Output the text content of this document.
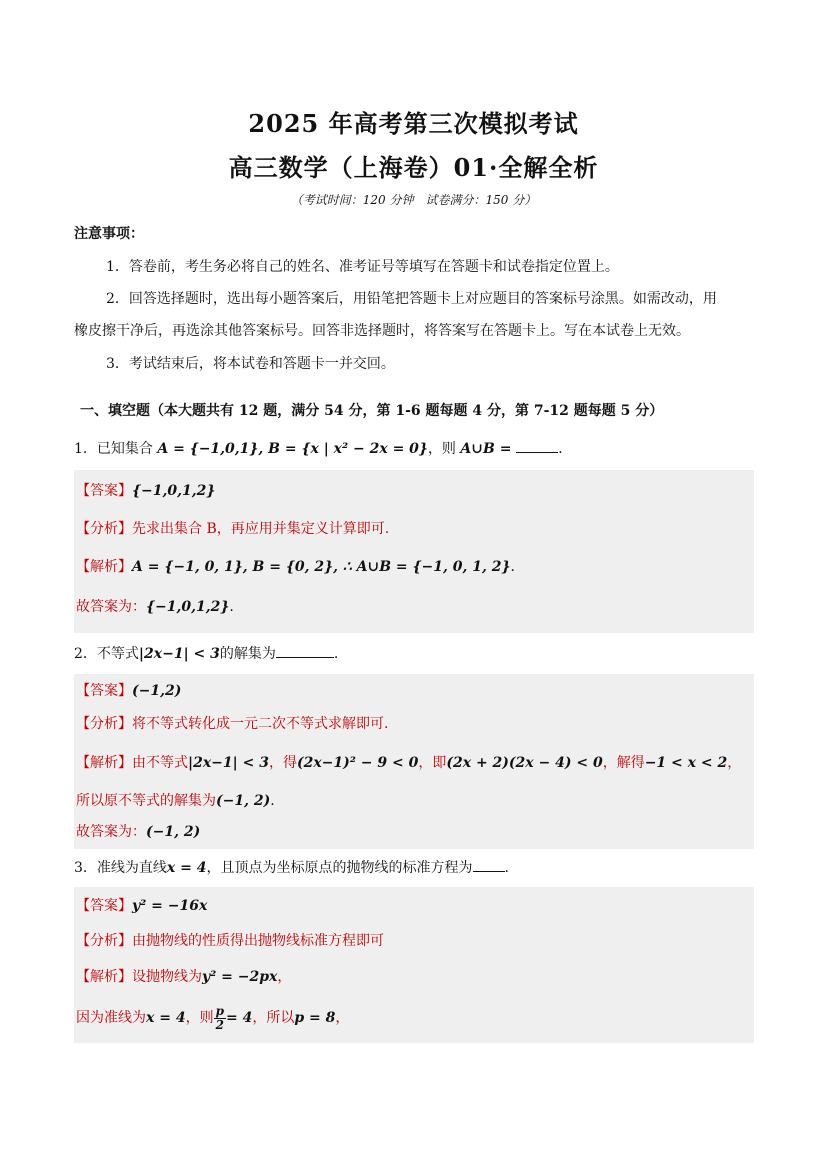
2025 年高考第三次模拟考试
高三数学（上海卷）01·全解全析
（考试时间：120 分钟　试卷满分：150 分）
注意事项：
1．答卷前，考生务必将自己的姓名、准考证号等填写在答题卡和试卷指定位置上。
2．回答选择题时，选出每小题答案后，用铅笔把答题卡上对应题目的答案标号涂黑。如需改动，用
橡皮擦干净后，再选涂其他答案标号。回答非选择题时，将答案写在答题卡上。写在本试卷上无效。
3．考试结束后，将本试卷和答题卡一并交回。
一、填空题（本大题共有 12 题，满分 54 分，第 1-6 题每题 4 分，第 7-12 题每题 5 分）
1．已知集合 A = {−1,0,1}, B = {x | x² − 2x = 0}，则 A∪B =	．
【答案】{−1,0,1,2}
【分析】先求出集合 B，再应用并集定义计算即可.
【解析】A = {−1, 0, 1}, B = {0, 2}, ∴ A∪B = {−1, 0, 1, 2}．
故答案为：{−1,0,1,2}.
2．不等式|2x−1| < 3的解集为	.
【答案】(−1,2)
【分析】将不等式转化成一元二次不等式求解即可.
【解析】由不等式|2x−1| < 3，得(2x−1)² − 9 < 0，即(2x + 2)(2x − 4) < 0，解得−1 < x < 2，
所以原不等式的解集为(−1, 2).
故答案为：(−1, 2)
3．准线为直线x = 4，且顶点为坐标原点的抛物线的标准方程为 .
【答案】y² = −16x
【分析】由抛物线的性质得出抛物线标准方程即可
【解析】设抛物线为y² = −2px，
因为准线为x = 4，则 $\frac{p}{2} = 4$，所以p = 8，
